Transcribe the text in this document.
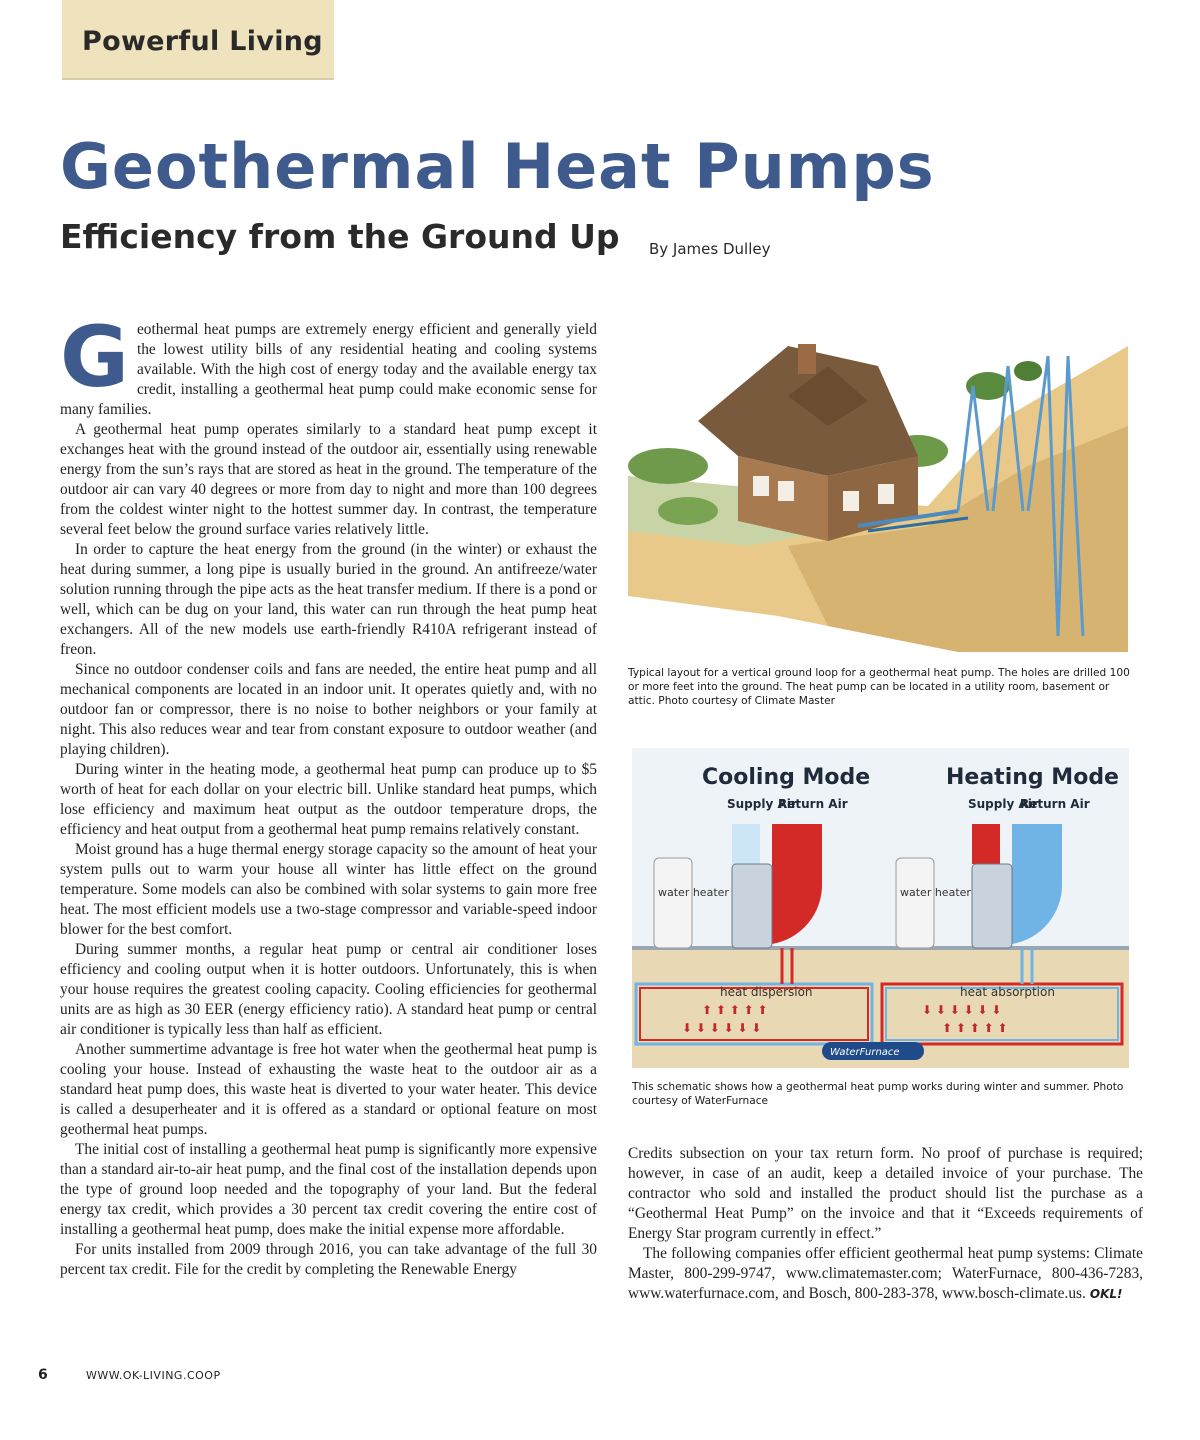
Powerful Living
Geothermal Heat Pumps
Efficiency from the Ground Up By James Dulley

Geothermal heat pumps are extremely energy efficient and generally yield the lowest utility bills of any residential heating and cooling systems available. With the high cost of energy today and the available energy tax credit, installing a geothermal heat pump could make economic sense for many families.

A geothermal heat pump operates similarly to a standard heat pump except it exchanges heat with the ground instead of the outdoor air, essentially using renewable energy from the sun’s rays that are stored as heat in the ground. The temperature of the outdoor air can vary 40 degrees or more from day to night and more than 100 degrees from the coldest winter night to the hottest summer day. In contrast, the temperature several feet below the ground surface varies relatively little.

In order to capture the heat energy from the ground (in the winter) or exhaust the heat during summer, a long pipe is usually buried in the ground. An antifreeze/water solution running through the pipe acts as the heat transfer medium. If there is a pond or well, which can be dug on your land, this water can run through the heat pump heat exchangers. All of the new models use earth-friendly R410A refrigerant instead of freon.

Since no outdoor condenser coils and fans are needed, the entire heat pump and all mechanical components are located in an indoor unit. It operates quietly and, with no outdoor fan or compressor, there is no noise to bother neighbors or your family at night. This also reduces wear and tear from constant exposure to outdoor weather (and playing children).

During winter in the heating mode, a geothermal heat pump can produce up to $5 worth of heat for each dollar on your electric bill. Unlike standard heat pumps, which lose efficiency and maximum heat output as the outdoor temperature drops, the efficiency and heat output from a geothermal heat pump remains relatively constant.

Moist ground has a huge thermal energy storage capacity so the amount of heat your system pulls out to warm your house all winter has little effect on the ground temperature. Some models can also be combined with solar systems to gain more free heat. The most efficient models use a two-stage compressor and variable-speed indoor blower for the best comfort.

During summer months, a regular heat pump or central air conditioner loses efficiency and cooling output when it is hotter outdoors. Unfortunately, this is when your house requires the greatest cooling capacity. Cooling efficiencies for geothermal units are as high as 30 EER (energy efficiency ratio). A standard heat pump or central air conditioner is typically less than half as efficient.

Another summertime advantage is free hot water when the geothermal heat pump is cooling your house. Instead of exhausting the waste heat to the outdoor air as a standard heat pump does, this waste heat is diverted to your water heater. This device is called a desuperheater and it is offered as a standard or optional feature on most geothermal heat pumps.

The initial cost of installing a geothermal heat pump is significantly more expensive than a standard air-to-air heat pump, and the final cost of the installation depends upon the type of ground loop needed and the topography of your land. But the federal energy tax credit, which provides a 30 percent tax credit covering the entire cost of installing a geothermal heat pump, does make the initial expense more affordable.

For units installed from 2009 through 2016, you can take advantage of the full 30 percent tax credit. File for the credit by completing the Renewable Energy

Typical layout for a vertical ground loop for a geothermal heat pump. The holes are drilled 100 or more feet into the ground. The heat pump can be located in a utility room, basement or attic. Photo courtesy of Climate Master
Cooling Mode	Heating Mode
Supply Air
Return Air	Supply Air
Return Air
water heater	water heater
heat dispersion	heat absorption
⬆ ⬆ ⬆ ⬆ ⬆
⬇ ⬇ ⬇ ⬇ ⬇ ⬇
⬇ ⬇ ⬇ ⬇ ⬇ ⬇
⬆ ⬆ ⬆ ⬆ ⬆
WaterFurnace
This schematic shows how a geothermal heat pump works during winter and summer. Photo courtesy of WaterFurnace

Credits subsection on your tax return form. No proof of purchase is required; however, in case of an audit, keep a detailed invoice of your purchase. The contractor who sold and installed the product should list the purchase as a “Geothermal Heat Pump” on the invoice and that it “Exceeds requirements of Energy Star program currently in effect.”

The following companies offer efficient geothermal heat pump systems: Climate Master, 800-299-9747, www.climatemaster.com; WaterFurnace, 800-436-7283, www.waterfurnace.com, and Bosch, 800-283-378, www.bosch-climate.us. OKL!

6	WWW.OK-LIVING.COOP
